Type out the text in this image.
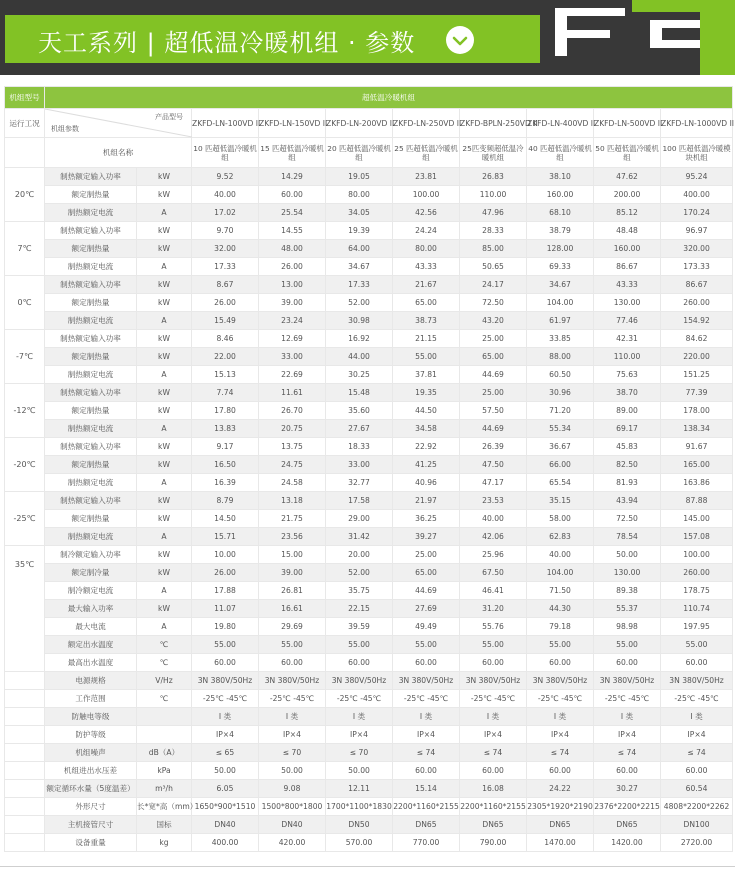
天工系列 | 超低温冷暖机组 · 参数
机组型号	超低温冷暖机组									
运行工况	产品型号
机组参数		ZKFD-LN-100VD II	ZKFD-LN-150VD II	ZKFD-LN-200VD II	ZKFD-LN-250VD II	ZKFD-BPLN-250VD II	ZKFD-LN-400VD II	ZKFD-LN-500VD II	ZKFD-LN-1000VD II
	机组名称		10 匹超低温冷暖机组	15 匹超低温冷暖机组	20 匹超低温冷暖机组	25 匹超低温冷暖机组	25匹变频超低温冷暖机组	40 匹超低温冷暖机组	50 匹超低温冷暖机组	100 匹超低温冷暖模块机组
20℃	制热额定输入功率	kW	9.52	14.29	19.05	23.81	26.83	38.10	47.62	95.24
	额定制热量	kW	40.00	60.00	80.00	100.00	110.00	160.00	200.00	400.00
	制热额定电流	A	17.02	25.54	34.05	42.56	47.96	68.10	85.12	170.24
7℃	制热额定输入功率	kW	9.70	14.55	19.39	24.24	28.33	38.79	48.48	96.97
	额定制热量	kW	32.00	48.00	64.00	80.00	85.00	128.00	160.00	320.00
	制热额定电流	A	17.33	26.00	34.67	43.33	50.65	69.33	86.67	173.33
0℃	制热额定输入功率	kW	8.67	13.00	17.33	21.67	24.17	34.67	43.33	86.67
	额定制热量	kW	26.00	39.00	52.00	65.00	72.50	104.00	130.00	260.00
	制热额定电流	A	15.49	23.24	30.98	38.73	43.20	61.97	77.46	154.92
-7℃	制热额定输入功率	kW	8.46	12.69	16.92	21.15	25.00	33.85	42.31	84.62
	额定制热量	kW	22.00	33.00	44.00	55.00	65.00	88.00	110.00	220.00
	制热额定电流	A	15.13	22.69	30.25	37.81	44.69	60.50	75.63	151.25
-12℃	制热额定输入功率	kW	7.74	11.61	15.48	19.35	25.00	30.96	38.70	77.39
	额定制热量	kW	17.80	26.70	35.60	44.50	57.50	71.20	89.00	178.00
	制热额定电流	A	13.83	20.75	27.67	34.58	44.69	55.34	69.17	138.34
-20℃	制热额定输入功率	kW	9.17	13.75	18.33	22.92	26.39	36.67	45.83	91.67
	额定制热量	kW	16.50	24.75	33.00	41.25	47.50	66.00	82.50	165.00
	制热额定电流	A	16.39	24.58	32.77	40.96	47.17	65.54	81.93	163.86
-25℃	制热额定输入功率	kW	8.79	13.18	17.58	21.97	23.53	35.15	43.94	87.88
	额定制热量	kW	14.50	21.75	29.00	36.25	40.00	58.00	72.50	145.00
	制热额定电流	A	15.71	23.56	31.42	39.27	42.06	62.83	78.54	157.08
35℃	制冷额定输入功率	kW	10.00	15.00	20.00	25.00	25.96	40.00	50.00	100.00
	额定制冷量	kW	26.00	39.00	52.00	65.00	67.50	104.00	130.00	260.00
	制冷额定电流	A	17.88	26.81	35.75	44.69	46.41	71.50	89.38	178.75
	最大输入功率	kW	11.07	16.61	22.15	27.69	31.20	44.30	55.37	110.74
	最大电流	A	19.80	29.69	39.59	49.49	55.76	79.18	98.98	197.95
	额定出水温度	℃	55.00	55.00	55.00	55.00	55.00	55.00	55.00	55.00
	最高出水温度	℃	60.00	60.00	60.00	60.00	60.00	60.00	60.00	60.00
	电源规格	V/Hz	3N 380V/50Hz	3N 380V/50Hz	3N 380V/50Hz	3N 380V/50Hz	3N 380V/50Hz	3N 380V/50Hz	3N 380V/50Hz	3N 380V/50Hz
	工作范围	℃	-25℃ -45℃	-25℃ -45℃	-25℃ -45℃	-25℃ -45℃	-25℃ -45℃	-25℃ -45℃	-25℃ -45℃	-25℃ -45℃
	防触电等级		I 类	I 类	I 类	I 类	I 类	I 类	I 类	I 类
	防护等级		IP×4	IP×4	IP×4	IP×4	IP×4	IP×4	IP×4	IP×4
	机组噪声	dB（A）	≤ 65	≤ 70	≤ 70	≤ 74	≤ 74	≤ 74	≤ 74	≤ 74
	机组进出水压差	kPa	50.00	50.00	50.00	60.00	60.00	60.00	60.00	60.00
	额定循环水量（5度温差）	m³/h	6.05	9.08	12.11	15.14	16.08	24.22	30.27	60.54
	外形尺寸	长*宽*高（mm）	1650*900*1510	1500*800*1800	1700*1100*1830	2200*1160*2155	2200*1160*2155	2305*1920*2190	2376*2200*2215	4808*2200*2262
	主机接管尺寸	国标	DN40	DN40	DN50	DN65	DN65	DN65	DN65	DN100
	设备重量	kg	400.00	420.00	570.00	770.00	790.00	1470.00	1420.00	2720.00
